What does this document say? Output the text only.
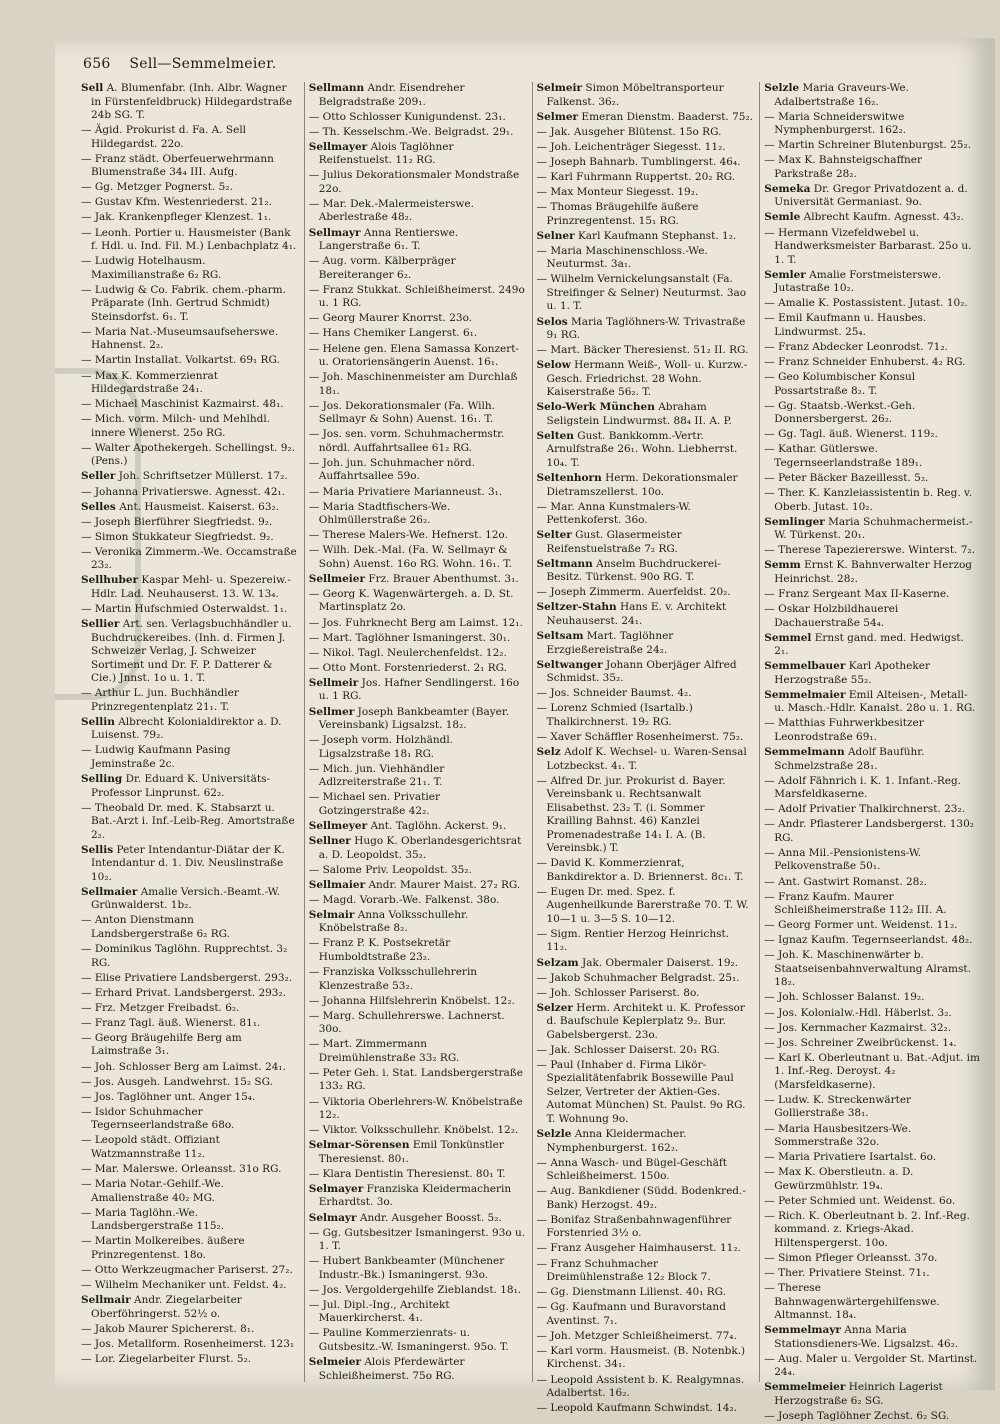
656 Sell—Semmelmeier.
Sell A. Blumenfabr. (Inh. Albr. Wagner in Fürstenfeldbruck) Hildegardstraße 24b SG. T.
— Ägid. Prokurist d. Fa. A. Sell Hildegardst. 22o.
— Franz städt. Oberfeuerwehrmann Blumenstraße 34₄ III. Aufg.
— Gg. Metzger Pognerst. 5₂.
— Gustav Kfm. Westenriederst. 21₂.
— Jak. Krankenpfleger Klenzest. 1₁.
— Leonh. Portier u. Hausmeister (Bank f. Hdl. u. Ind. Fil. M.) Lenbachplatz 4₁.
— Ludwig Hotelhausm. Maximilianstraße 6₂ RG.
— Ludwig & Co. Fabrik. chem.-pharm. Präparate (Inh. Gertrud Schmidt) Steinsdorfst. 6₁. T.
— Maria Nat.-Museumsaufseherswe. Hahnenst. 2₂.
— Martin Installat. Volkartst. 69₁ RG.
— Max K. Kommerzienrat Hildegardstraße 24₁.
— Michael Maschinist Kazmairst. 48₁.
— Mich. vorm. Milch- und Mehlhdl. innere Wienerst. 25o RG.
— Walter Apothekergeh. Schellingst. 9₂. (Pens.)
Seller Joh. Schriftsetzer Müllerst. 17₂.
— Johanna Privatierswe. Agnesst. 42₁.
Selles Ant. Hausmeist. Kaiserst. 63₂.
— Joseph Bierführer Siegfriedst. 9₂.
— Simon Stukkateur Siegfriedst. 9₂.
— Veronika Zimmerm.-We. Occamstraße 23₂.
Sellhuber Kaspar Mehl- u. Spezereiw.-Hdlr. Lad. Neuhauserst. 13. W. 13₄.
— Martin Hufschmied Osterwaldst. 1₁.
Sellier Art. sen. Verlagsbuchhändler u. Buchdruckereibes. (Inh. d. Firmen J. Schweizer Verlag, J. Schweizer Sortiment und Dr. F. P. Datterer & Cie.) Jnnst. 1o u. 1. T.
— Arthur L. jun. Buchhändler Prinzregentenplatz 21₁. T.
Sellin Albrecht Kolonialdirektor a. D. Luisenst. 79₂.
— Ludwig Kaufmann Pasing Jeminstraße 2c.
Selling Dr. Eduard K. Universitäts-Professor Linprunst. 62₂.
— Theobald Dr. med. K. Stabsarzt u. Bat.-Arzt i. Inf.-Leib-Reg. Amortstraße 2₂.
Sellis Peter Intendantur-Diätar der K. Intendantur d. 1. Div. Neuslinstraße 10₂.
Sellmaier Amalie Versich.-Beamt.-W. Grünwalderst. 1b₂.
— Anton Dienstmann Landsbergerstraße 6₂ RG.
— Dominikus Taglöhn. Rupprechtst. 3₂ RG.
— Elise Privatiere Landsbergerst. 293₂.
— Erhard Privat. Landsbergerst. 293₂.
— Frz. Metzger Freibadst. 6₂.
— Franz Tagl. äuß. Wienerst. 81₁.
— Georg Bräugehilfe Berg am Laimstraße 3₁.
— Joh. Schlosser Berg am Laimst. 24₁.
— Jos. Ausgeh. Landwehrst. 15₂ SG.
— Jos. Taglöhner unt. Anger 15₄.
— Isidor Schuhmacher Tegernseerlandstraße 68o.
— Leopold städt. Offiziant Watzmannstraße 11₂.
— Mar. Malerswe. Orleansst. 31o RG.
— Maria Notar.-Gehilf.-We. Amalienstraße 40₂ MG.
— Maria Taglöhn.-We. Landsbergerstraße 115₂.
— Martin Molkereibes. äußere Prinzregentenst. 18o.
— Otto Werkzeugmacher Pariserst. 27₂.
— Wilhelm Mechaniker unt. Feldst. 4₂.
Sellmair Andr. Ziegelarbeiter Oberföhringerst. 52½ o.
— Jakob Maurer Spichererst. 8₁.
— Jos. Metallform. Rosenheimerst. 123₁
— Lor. Ziegelarbeiter Flurst. 5₂.
Sellmann Andr. Eisendreher Belgradstraße 209₁.
— Otto Schlosser Kunigundenst. 23₁.
— Th. Kesselschm.-We. Belgradst. 29₁.
Sellmayer Alois Taglöhner Reifenstuelst. 11₂ RG.
— Julius Dekorationsmaler Mondstraße 22o.
— Mar. Dek.-Malermeisterswe. Aberlestraße 48₂.
Sellmayr Anna Rentierswe. Langerstraße 6₁. T.
— Aug. vorm. Kälberpräger Bereiteranger 6₂.
— Franz Stukkat. Schleißheimerst. 249o u. 1 RG.
— Georg Maurer Knorrst. 23o.
— Hans Chemiker Langerst. 6₁.
— Helene gen. Elena Samassa Konzert- u. Oratoriensängerin Auenst. 16₁.
— Joh. Maschinenmeister am Durchlaß 18₁.
— Jos. Dekorationsmaler (Fa. Wilh. Sellmayr & Sohn) Auenst. 16₁. T.
— Jos. sen. vorm. Schuhmachermstr. nördl. Auffahrtsallee 61₂ RG.
— Joh. jun. Schuhmacher nörd. Auffahrtsallee 59o.
— Maria Privatiere Marianneust. 3₁.
— Maria Stadtfischers-We. Ohlmüllerstraße 26₂.
— Therese Malers-We. Hefnerst. 12o.
— Wilh. Dek.-Mal. (Fa. W. Sellmayr & Sohn) Auenst. 16o RG. Wohn. 16₁. T.
Sellmeier Frz. Brauer Abenthumst. 3₁.
— Georg K. Wagenwärtergeh. a. D. St. Martinsplatz 2o.
— Jos. Fuhrknecht Berg am Laimst. 12₁.
— Mart. Taglöhner Ismaningerst. 30₁.
— Nikol. Tagl. Neulerchenfeldst. 12₂.
— Otto Mont. Forstenriederst. 2₁ RG.
Sellmeir Jos. Hafner Sendlingerst. 16o u. 1 RG.
Sellmer Joseph Bankbeamter (Bayer. Vereinsbank) Ligsalzst. 18₂.
— Joseph vorm. Holzhändl. Ligsalzstraße 18₁ RG.
— Mich. jun. Viehhändler Adlzreiterstraße 21₁. T.
— Michael sen. Privatier Gotzingerstraße 42₂.
Sellmeyer Ant. Taglöhn. Ackerst. 9₁.
Sellner Hugo K. Oberlandesgerichtsrat a. D. Leopoldst. 35₂.
— Salome Priv. Leopoldst. 35₂.
Sellmaier Andr. Maurer Maist. 27₂ RG.
— Magd. Vorarb.-We. Falkenst. 38o.
Selmair Anna Volksschullehr. Knöbelstraße 8₂.
— Franz P. K. Postsekretär Humboldtstraße 23₂.
— Franziska Volksschullehrerin Klenzestraße 53₂.
— Johanna Hilfslehrerin Knöbelst. 12₂.
— Marg. Schullehrerswe. Lachnerst. 30o.
— Mart. Zimmermann Dreimühlenstraße 33₂ RG.
— Peter Geh. i. Stat. Landsbergerstraße 133₂ RG.
— Viktoria Oberlehrers-W. Knöbelstraße 12₂.
— Viktor. Volksschullehr. Knöbelst. 12₂.
Selmar-Sörensen Emil Tonkünstler Theresienst. 80₁.
— Klara Dentistin Theresienst. 80₁ T.
Selmayer Franziska Kleidermacherin Erhardtst. 3o.
Selmayr Andr. Ausgeher Boosst. 5₂.
— Gg. Gutsbesitzer Ismaningerst. 93o u. 1. T.
— Hubert Bankbeamter (Münchener Industr.-Bk.) Ismaningerst. 93o.
— Jos. Vergoldergehilfe Zieblandst. 18₁.
— Jul. Dipl.-Ing., Architekt Mauerkircherst. 4₁.
— Pauline Kommerzienrats- u. Gutsbesitz.-W. Ismaningerst. 95o. T.
Selmeier Alois Pferdewärter Schleißheimerst. 75o RG.
Selmeir Simon Möbeltransporteur Falkenst. 36₂.
Selmer Emeran Dienstm. Baaderst. 75₂.
— Jak. Ausgeher Blütenst. 15o RG.
— Joh. Leichenträger Siegesst. 11₂.
— Joseph Bahnarb. Tumblingerst. 46₄.
— Karl Fuhrmann Ruppertst. 20₂ RG.
— Max Monteur Siegesst. 19₂.
— Thomas Bräugehilfe äußere Prinzregentenst. 15₁ RG.
Selner Karl Kaufmann Stephanst. 1₂.
— Maria Maschinenschloss.-We. Neuturmst. 3a₁.
— Wilhelm Vernickelungsanstalt (Fa. Streifinger & Selner) Neuturmst. 3ao u. 1. T.
Selos Maria Taglöhners-W. Trivastraße 9₁ RG.
— Mart. Bäcker Theresienst. 51₂ II. RG.
Selow Hermann Weiß-, Woll- u. Kurzw.-Gesch. Friedrichst. 28 Wohn. Kaiserstraße 56₂. T.
Selo-Werk München Abraham Seligstein Lindwurmst. 88₄ II. A. P.
Selten Gust. Bankkomm.-Vertr. Arnulfstraße 26₁. Wohn. Liebherrst. 10₄. T.
Seltenhorn Herm. Dekorationsmaler Dietramszellerst. 10o.
— Mar. Anna Kunstmalers-W. Pettenkoferst. 36o.
Selter Gust. Glasermeister Reifenstuelstraße 7₂ RG.
Seltmann Anselm Buchdruckerei-Besitz. Türkenst. 90o RG. T.
— Joseph Zimmerm. Auerfeldst. 20₂.
Seltzer-Stahn Hans E. v. Architekt Neuhauserst. 24₁.
Seltsam Mart. Taglöhner Erzgießereistraße 24₂.
Seltwanger Johann Oberjäger Alfred Schmidst. 35₂.
— Jos. Schneider Baumst. 4₂.
— Lorenz Schmied (Isartalb.) Thalkirchnerst. 19₂ RG.
— Xaver Schäffler Rosenheimerst. 75₂.
Selz Adolf K. Wechsel- u. Waren-Sensal Lotzbeckst. 4₁. T.
— Alfred Dr. jur. Prokurist d. Bayer. Vereinsbank u. Rechtsanwalt Elisabethst. 23₂ T. (i. Sommer Krailling Bahnst. 46) Kanzlei Promenadestraße 14₁ I. A. (B. Vereinsbk.) T.
— David K. Kommerzienrat, Bankdirektor a. D. Briennerst. 8c₁. T.
— Eugen Dr. med. Spez. f. Augenheilkunde Barerstraße 70. T. W. 10—1 u. 3—5 S. 10—12.
— Sigm. Rentier Herzog Heinrichst. 11₂.
Selzam Jak. Obermaler Daiserst. 19₂.
— Jakob Schuhmacher Belgradst. 25₁.
— Joh. Schlosser Pariserst. 8o.
Selzer Herm. Architekt u. K. Professor d. Baufschule Keplerplatz 9₂. Bur. Gabelsbergerst. 23o.
— Jak. Schlosser Daiserst. 20₁ RG.
— Paul (Inhaber d. Firma Likör-Spezialitätenfabrik Bossewille Paul Selzer, Vertreter der Aktien-Ges. Automat München) St. Paulst. 9o RG. T. Wohnung 9o.
Selzle Anna Kleidermacher. Nymphenburgerst. 162₂.
— Anna Wasch- und Bügel-Geschäft Schleißheimerst. 150o.
— Aug. Bankdiener (Südd. Bodenkred.-Bank) Herzogst. 49₂.
— Bonifaz Straßenbahnwagenführer Forstenried 3½ o.
— Franz Ausgeher Haimhauserst. 11₂.
— Franz Schuhmacher Dreimühlenstraße 12₂ Block 7.
— Gg. Dienstmann Lilienst. 40₁ RG.
— Gg. Kaufmann und Buravorstand Aventinst. 7₁.
— Joh. Metzger Schleißheimerst. 77₄.
— Karl vorm. Hausmeist. (B. Notenbk.) Kirchenst. 34₁.
— Leopold Assistent b. K. Realgymnas. Adalbertst. 16₂.
— Leopold Kaufmann Schwindst. 14₂.
Selzle Maria Graveurs-We. Adalbertstraße 16₂.
— Maria Schneiderswitwe Nymphenburgerst. 162₂.
— Martin Schreiner Blutenburgst. 25₂.
— Max K. Bahnsteigschaffner Parkstraße 28₂.
Semeka Dr. Gregor Privatdozent a. d. Universität Germaniast. 9o.
Semle Albrecht Kaufm. Agnesst. 43₂.
— Hermann Vizefeldwebel u. Handwerksmeister Barbarast. 25o u. 1. T.
Semler Amalie Forstmeisterswe. Jutastraße 10₂.
— Amalie K. Postassistent. Jutast. 10₂.
— Emil Kaufmann u. Hausbes. Lindwurmst. 25₄.
— Franz Abdecker Leonrodst. 71₂.
— Franz Schneider Enhuberst. 4₂ RG.
— Geo Kolumbischer Konsul Possartstraße 8₂. T.
— Gg. Staatsb.-Werkst.-Geh. Donnersbergerst. 26₂.
— Gg. Tagl. äuß. Wienerst. 119₂.
— Kathar. Gütlerswe. Tegernseerlandstraße 189₁.
— Peter Bäcker Bazeillesst. 5₂.
— Ther. K. Kanzleiassistentin b. Reg. v. Oberb. Jutast. 10₂.
Semlinger Maria Schuhmachermeist.-W. Türkenst. 20₁.
— Therese Tapeziererswe. Winterst. 7₂.
Semm Ernst K. Bahnverwalter Herzog Heinrichst. 28₂.
— Franz Sergeant Max II-Kaserne.
— Oskar Holzbildhauerei Dachauerstraße 54₄.
Semmel Ernst gand. med. Hedwigst. 2₁.
Semmelbauer Karl Apotheker Herzogstraße 55₂.
Semmelmaier Emil Alteisen-, Metall- u. Masch.-Hdlr. Kanalst. 28o u. 1. RG.
— Matthias Fuhrwerkbesitzer Leonrodstraße 69₁.
Semmelmann Adolf Bauführ. Schmelzstraße 28₁.
— Adolf Fähnrich i. K. 1. Infant.-Reg. Marsfeldkaserne.
— Adolf Privatier Thalkirchnerst. 23₂.
— Andr. Pflasterer Landsbergerst. 130₂ RG.
— Anna Mil.-Pensionistens-W. Pelkovenstraße 50₁.
— Ant. Gastwirt Romanst. 28₂.
— Franz Kaufm. Maurer Schleißheimerstraße 112₂ III. A.
— Georg Former unt. Weidenst. 11₂.
— Ignaz Kaufm. Tegernseerlandst. 48₂.
— Joh. K. Maschinenwärter b. Staatseisenbahnverwaltung Alramst. 18₂.
— Joh. Schlosser Balanst. 19₂.
— Jos. Kolonialw.-Hdl. Häberlst. 3₂.
— Jos. Kernmacher Kazmairst. 32₂.
— Jos. Schreiner Zweibrückenst. 1₄.
— Karl K. Oberleutnant u. Bat.-Adjut. im 1. Inf.-Reg. Deroyst. 4₂ (Marsfeldkaserne).
— Ludw. K. Streckenwärter Gollierstraße 38₁.
— Maria Hausbesitzers-We. Sommerstraße 32o.
— Maria Privatiere Isartalst. 6o.
— Max K. Oberstleutn. a. D. Gewürzmühlstr. 19₄.
— Peter Schmied unt. Weidenst. 6o.
— Rich. K. Oberleutnant b. 2. Inf.-Reg. kommand. z. Kriegs-Akad. Hiltenspergerst. 10o.
— Simon Pfleger Orleansst. 37o.
— Ther. Privatiere Steinst. 71₁.
— Therese Bahnwagenwärtergehilfenswe. Altmannst. 18₄.
Semmelmayr Anna Maria Stationsdieners-We. Ligsalzst. 46₂.
— Aug. Maler u. Vergolder St. Martinst. 24₄.
Semmelmeier Heinrich Lagerist Herzogstraße 6₂ SG.
— Joseph Taglöhner Zechst. 6₂ SG.
